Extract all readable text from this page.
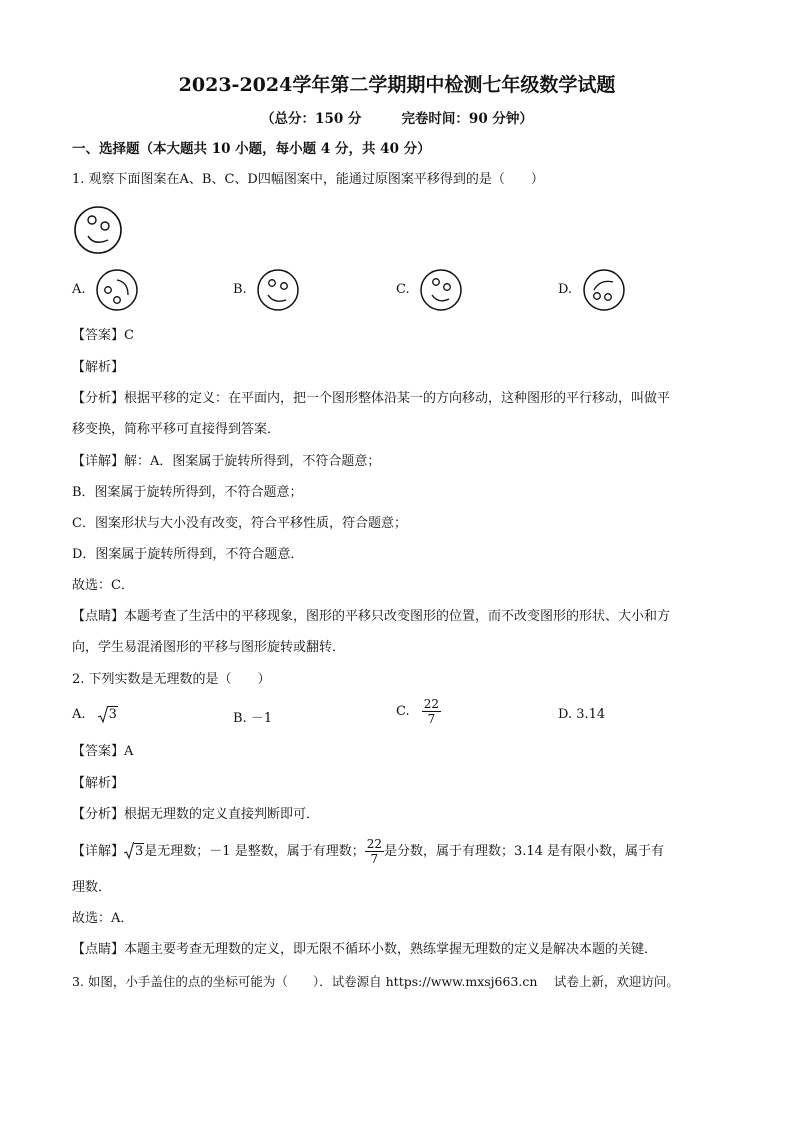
2023-2024学年第二学期期中检测七年级数学试题
（总分：150 分	完卷时间：90 分钟）
一、选择题（本大题共 10 小题，每小题 4 分，共 40 分）
1. 观察下面图案在A、B、C、D四幅图案中，能通过原图案平移得到的是（　　）
A.	B.	C.	D.
【答案】C
【解析】
【分析】根据平移的定义：在平面内，把一个图形整体沿某一的方向移动，这种图形的平行移动，叫做平
移变换，简称平移可直接得到答案．
【详解】解：A．图案属于旋转所得到，不符合题意；
B．图案属于旋转所得到，不符合题意；
C．图案形状与大小没有改变，符合平移性质，符合题意；
D．图案属于旋转所得到，不符合题意．
故选：C．
【点睛】本题考查了生活中的平移现象，图形的平移只改变图形的位置，而不改变图形的形状、大小和方
向，学生易混淆图形的平移与图形旋转或翻转．
2. 下列实数是无理数的是（　　）
A. 3	B. －1	C. $\frac{22}{7}$	D. 3.14
【答案】A
【解析】
【分析】根据无理数的定义直接判断即可．
【详解】 3是无理数；－1 是整数，属于有理数； $\frac{22}{7}$ 是分数，属于有理数；3.14 是有限小数，属于有
理数．
故选：A．
【点睛】本题主要考查无理数的定义，即无限不循环小数，熟练掌握无理数的定义是解决本题的关键．
3. 如图，小手盖住的点的坐标可能为（　　）．试卷源自 https://www.mxsj663.cn　 试卷上新，欢迎访问。
